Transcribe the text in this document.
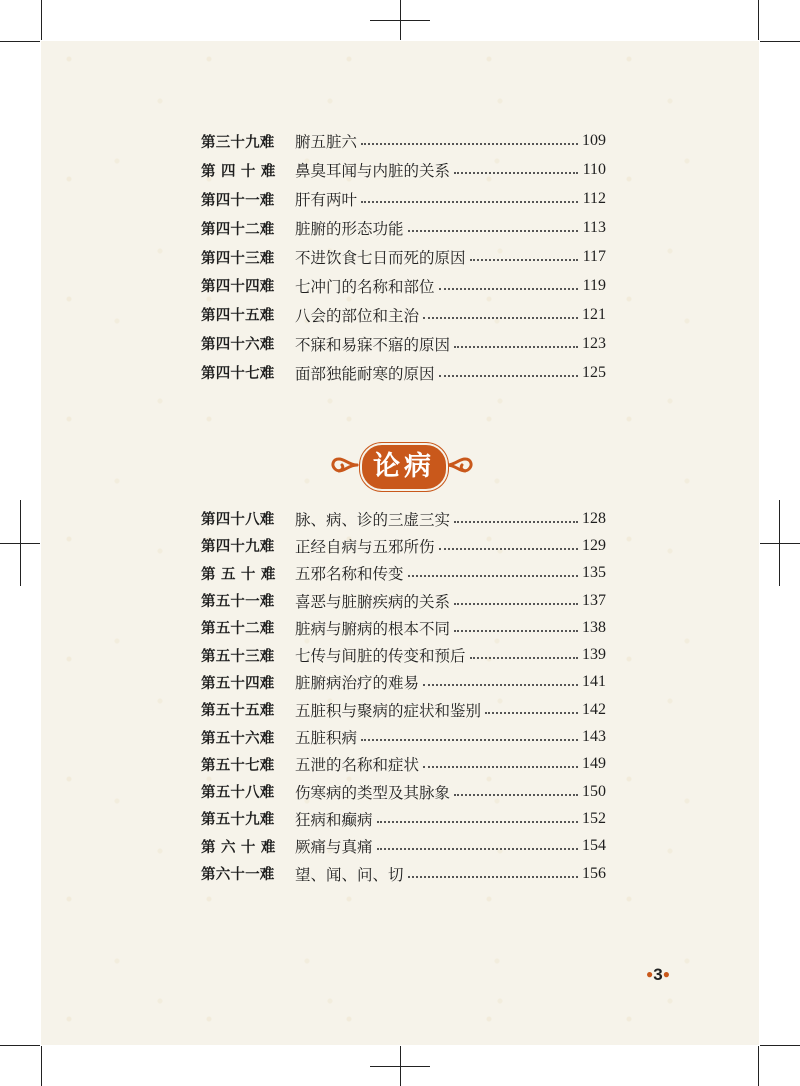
第三十九难	腑五脏六	109
第 四 十 难	鼻臭耳闻与内脏的关系	110
第四十一难	肝有两叶	112
第四十二难	脏腑的形态功能	113
第四十三难	不进饮食七日而死的原因	117
第四十四难	七冲门的名称和部位	119
第四十五难	八会的部位和主治	121
第四十六难	不寐和易寐不寤的原因	123
第四十七难	面部独能耐寒的原因	125
论病
第四十八难	脉、病、诊的三虚三实	128
第四十九难	正经自病与五邪所伤	129
第 五 十 难	五邪名称和传变	135
第五十一难	喜恶与脏腑疾病的关系	137
第五十二难	脏病与腑病的根本不同	138
第五十三难	七传与间脏的传变和预后	139
第五十四难	脏腑病治疗的难易	141
第五十五难	五脏积与聚病的症状和鉴别	142
第五十六难	五脏积病	143
第五十七难	五泄的名称和症状	149
第五十八难	伤寒病的类型及其脉象	150
第五十九难	狂病和癫病	152
第 六 十 难	厥痛与真痛	154
第六十一难	望、闻、问、切	156
●3●
